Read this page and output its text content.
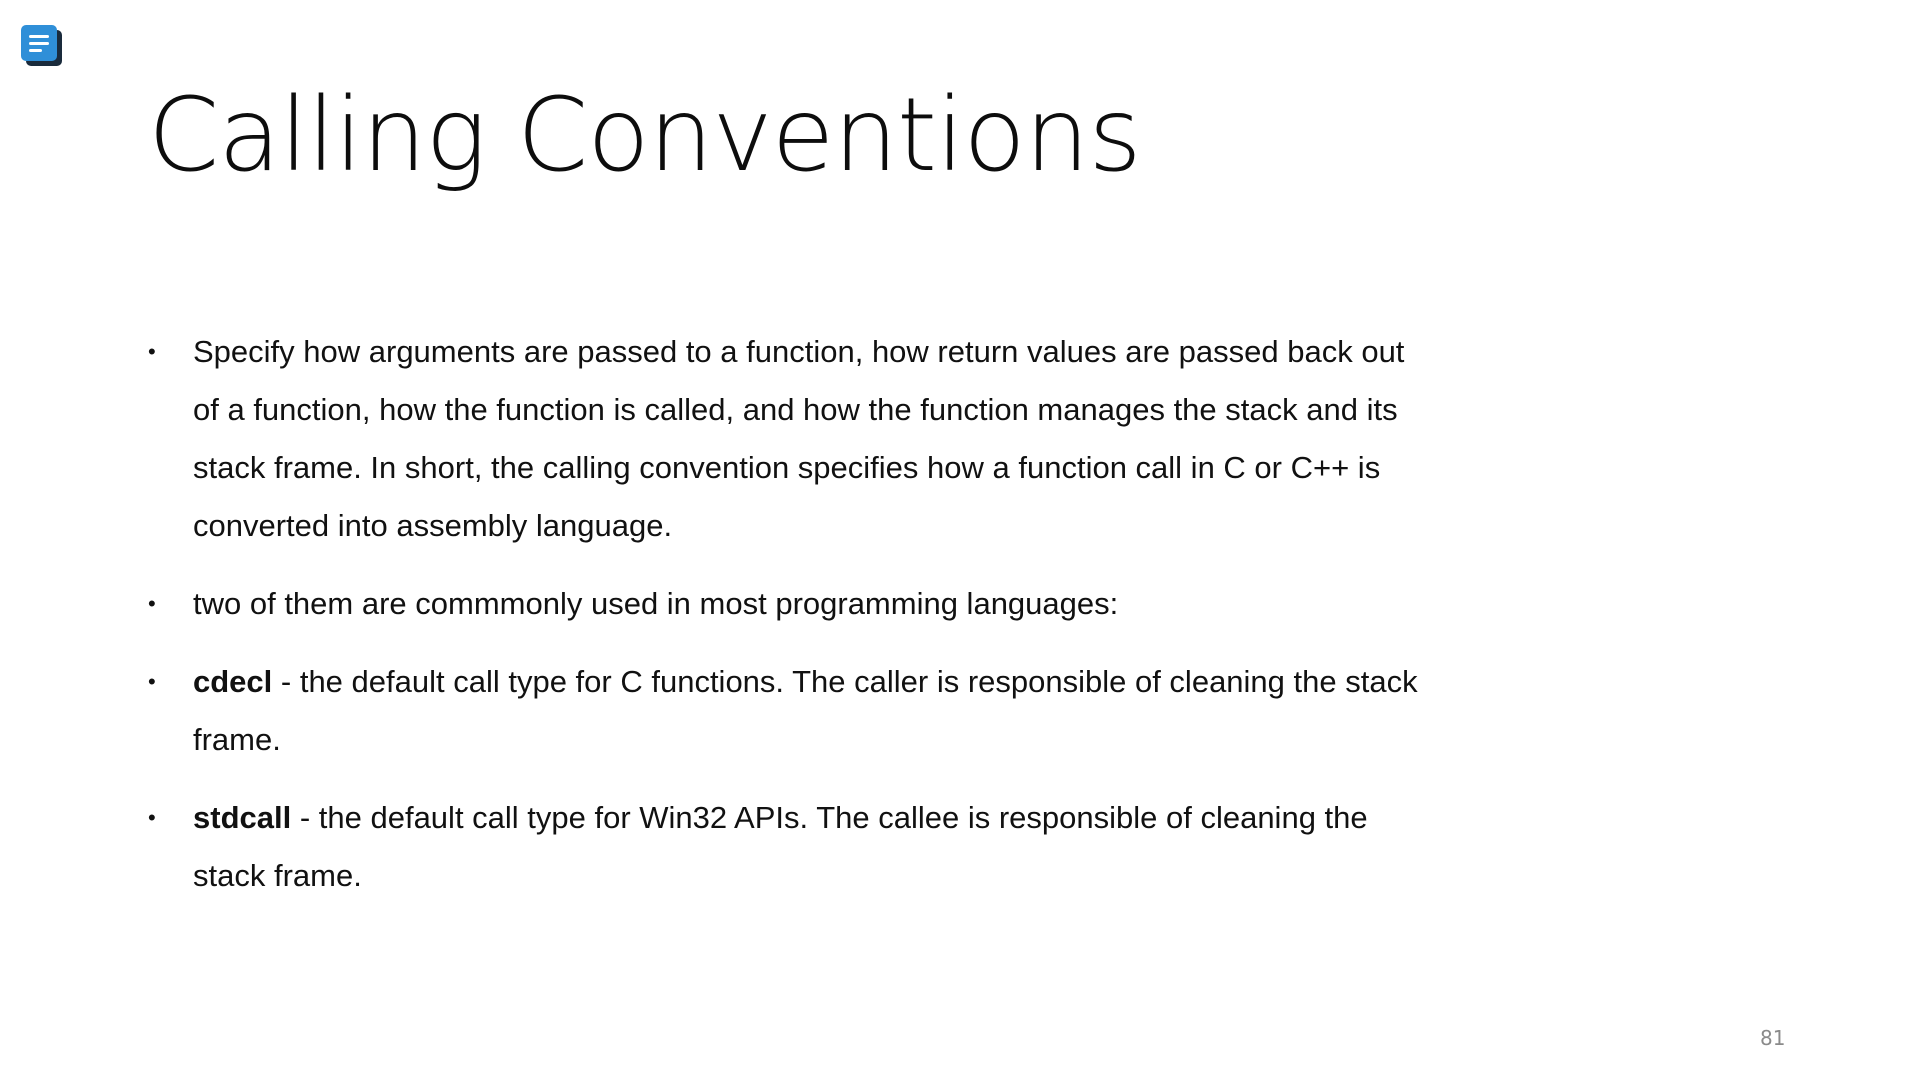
Calling Conventions
•	Specify how arguments are passed to a function, how return values are passed back out of a function, how the function is called, and how the function manages the stack and its stack frame. In short, the calling convention specifies how a function call in C or C++ is converted into assembly language.
•	two of them are commmonly used in most programming languages:
•	cdecl - the default call type for C functions. The caller is responsible of cleaning the stack frame.
•	stdcall - the default call type for Win32 APIs. The callee is responsible of cleaning the stack frame.
81
